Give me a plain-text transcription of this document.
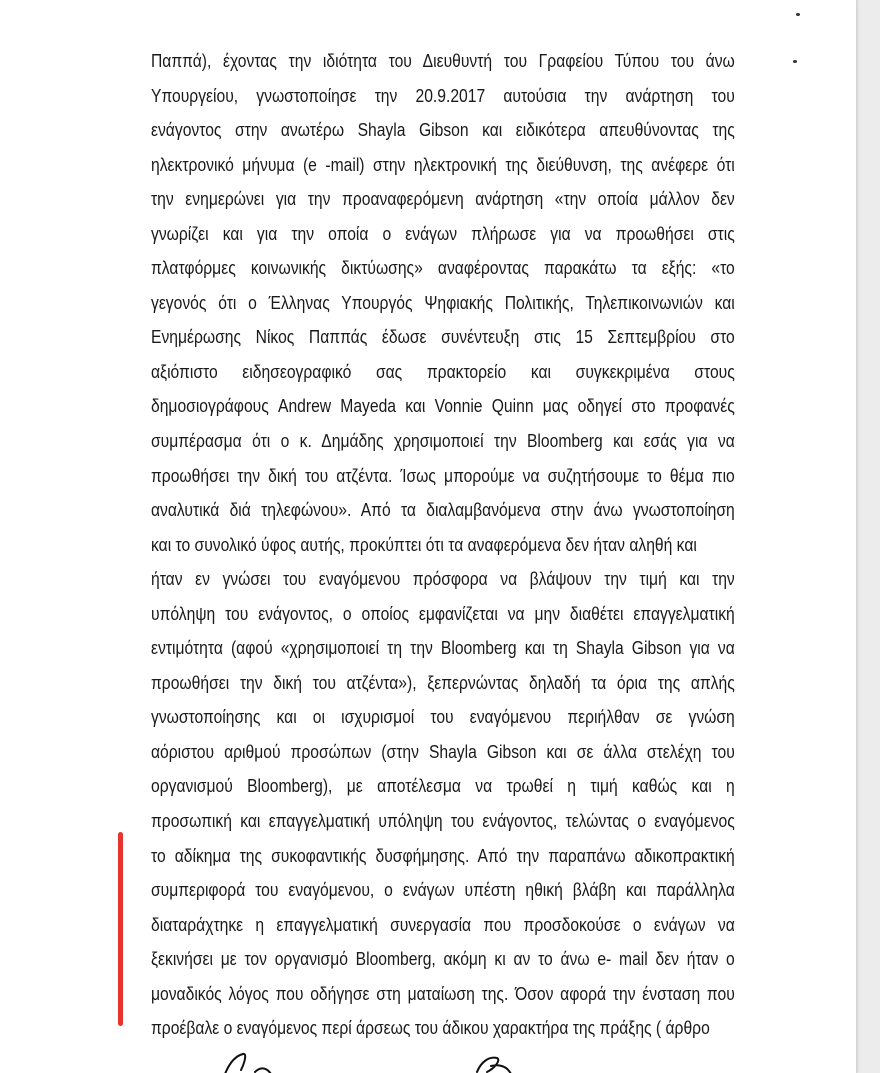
Παππά), έχοντας την ιδιότητα του Διευθυντή του Γραφείου Τύπου του άνω
Υπουργείου, γνωστοποίησε την 20.9.2017 αυτούσια την ανάρτηση του
ενάγοντος στην ανωτέρω Shayla Gibson και ειδικότερα απευθύνοντας της
ηλεκτρονικό μήνυμα (e -mail) στην ηλεκτρονική της διεύθυνση, της ανέφερε ότι
την ενημερώνει για την προαναφερόμενη ανάρτηση «την οποία μάλλον δεν
γνωρίζει και για την οποία ο ενάγων πλήρωσε για να προωθήσει στις
πλατφόρμες κοινωνικής δικτύωσης» αναφέροντας παρακάτω τα εξής: «το
γεγονός ότι ο Έλληνας Υπουργός Ψηφιακής Πολιτικής, Τηλεπικοινωνιών και
Ενημέρωσης Νίκος Παππάς έδωσε συνέντευξη στις 15 Σεπτεμβρίου στο
αξιόπιστο ειδησεογραφικό σας πρακτορείο και συγκεκριμένα στους
δημοσιογράφους Andrew Mayeda και Vonnie Quinn μας οδηγεί στο προφανές
συμπέρασμα ότι ο κ. Δημάδης χρησιμοποιεί την Bloomberg και εσάς για να
προωθήσει την δική του ατζέντα. Ίσως μπορούμε να συζητήσουμε το θέμα πιο
αναλυτικά διά τηλεφώνου». Από τα διαλαμβανόμενα στην άνω γνωστοποίηση
και το συνολικό ύφος αυτής, προκύπτει ότι τα αναφερόμενα δεν ήταν αληθή και
ήταν εν γνώσει του εναγόμενου πρόσφορα να βλάψουν την τιμή και την
υπόληψη του ενάγοντος, ο οποίος εμφανίζεται να μην διαθέτει επαγγελματική
εντιμότητα (αφού «χρησιμοποιεί τη την Bloomberg και τη Shayla Gibson για να
προωθήσει την δική του ατζέντα»), ξεπερνώντας δηλαδή τα όρια της απλής
γνωστοποίησης και οι ισχυρισμοί του εναγόμενου περιήλθαν σε γνώση
αόριστου αριθμού προσώπων (στην Shayla Gibson και σε άλλα στελέχη του
οργανισμού Bloomberg), με αποτέλεσμα να τρωθεί η τιμή καθώς και η
προσωπική και επαγγελματική υπόληψη του ενάγοντος, τελώντας ο εναγόμενος
το αδίκημα της συκοφαντικής δυσφήμησης. Από την παραπάνω αδικοπρακτική
συμπεριφορά του εναγόμενου, ο ενάγων υπέστη ηθική βλάβη και παράλληλα
διαταράχτηκε η επαγγελματική συνεργασία που προσδοκούσε ο ενάγων να
ξεκινήσει με τον οργανισμό Bloomberg, ακόμη κι αν το άνω e- mail δεν ήταν ο
μοναδικός λόγος που οδήγησε στη ματαίωση της. Όσον αφορά την ένσταση που
προέβαλε ο εναγόμενος περί άρσεως του άδικου χαρακτήρα της πράξης ( άρθρο
